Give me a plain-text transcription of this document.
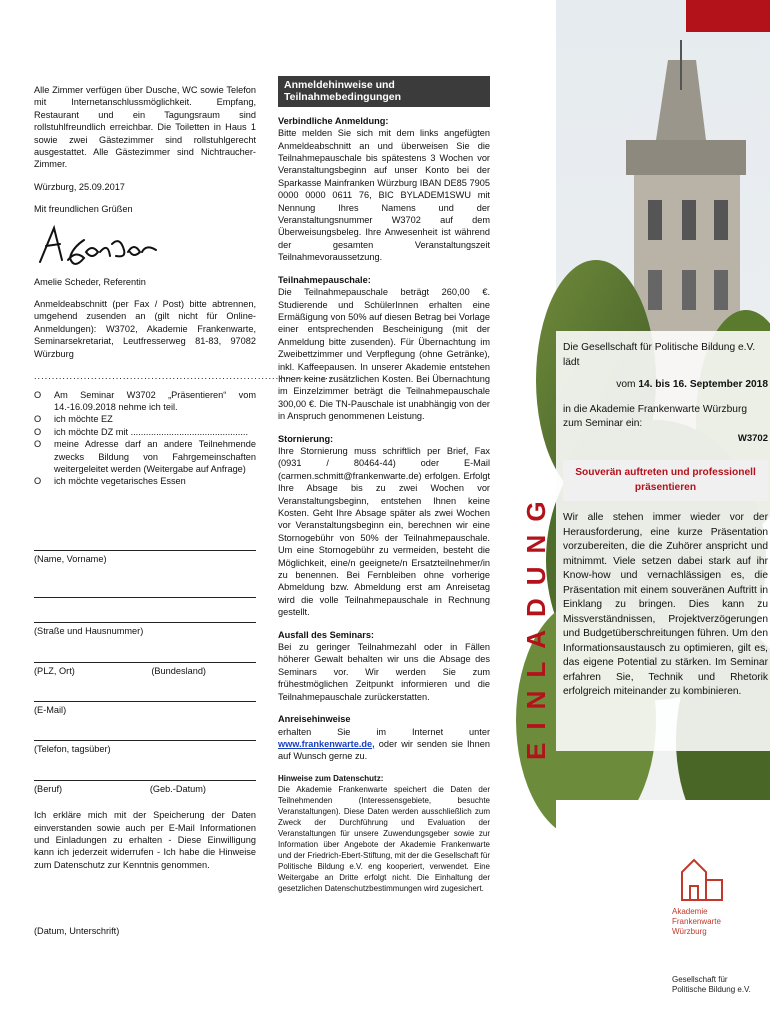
Alle Zimmer verfügen über Dusche, WC sowie Telefon mit Internetanschlussmöglichkeit. Empfang, Restaurant und ein Tagungsraum sind rollstuhlfreundlich erreichbar. Die Toiletten in Haus 1 sowie zwei Gästezimmer sind rollstuhlgerecht ausgestattet. Alle Gästezimmer sind Nichtraucher-Zimmer.

Würzburg, 25.09.2017

Mit freundlichen Grüßen

Amelie Scheder, Referentin

Anmeldeabschnitt (per Fax / Post) bitte abtrennen, umgehend zusenden an (gilt nicht für Online-Anmeldungen): W3702, Akademie Frankenwarte, Seminarsekretariat, Leutfresserweg 81-83, 97082 Würzburg

.....................................................................................
O	Am Seminar W3702 „Präsentieren“ vom 14.-16.09.2018 nehme ich teil.
O	ich möchte EZ
O	ich möchte DZ mit ..............................................
O	meine Adresse darf an andere Teilnehmende zwecks Bildung von Fahrgemeinschaften weitergeleitet werden (Weitergabe auf Anfrage)
O	ich möchte vegetarisches Essen
(Name, Vorname)
(Straße und Hausnummer)
(PLZ, Ort)	(Bundesland)
(E-Mail)
(Telefon, tagsüber)
(Beruf)	(Geb.-Datum)

Ich erkläre mich mit der Speicherung der Daten einverstanden sowie auch per E-Mail Informationen und Einladungen zu erhalten - Diese Einwilligung kann ich jederzeit widerrufen - Ich habe die Hinweise zum Datenschutz zur Kenntnis genommen.

(Datum, Unterschrift)

Anmeldehinweise und Teilnahmebedingungen

Verbindliche Anmeldung:

Bitte melden Sie sich mit dem links angefügten Anmeldeabschnitt an und überweisen Sie die Teilnahmepauschale bis spätestens 3 Wochen vor Veranstaltungsbeginn auf unser Konto bei der Sparkasse Mainfranken Würzburg IBAN DE85 7905 0000 0000 0611 76, BIC BYLADEM1SWU mit Nennung Ihres Namens und der Veranstaltungsnummer W3702 auf dem Überweisungsbeleg. Ihre Anwesenheit ist während der gesamten Veranstaltungszeit Teilnahmevoraussetzung.

Teilnahmepauschale:

Die Teilnahmepauschale beträgt 260,00 €. Studierende und SchülerInnen erhalten eine Ermäßigung von 50% auf diesen Betrag bei Vorlage einer entsprechenden Bescheinigung (mit der Anmeldung bitte zusenden). Für Übernachtung im Zweibettzimmer und Verpflegung (ohne Getränke), inkl. Kaffeepausen. In unserer Akademie entstehen Ihnen keine zusätzlichen Kosten. Bei Übernachtung im Einzelzimmer beträgt die Teilnahmepauschale 300,00 €. Die TN-Pauschale ist unabhängig von der in Anspruch genommenen Leistung.

Stornierung:

Ihre Stornierung muss schriftlich per Brief, Fax (0931 / 80464-44) oder E-Mail (carmen.schmitt@frankenwarte.de) erfolgen. Erfolgt Ihre Absage bis zu zwei Wochen vor Veranstaltungsbeginn, entstehen Ihnen keine Kosten. Geht Ihre Absage später als zwei Wochen vor Veranstaltungsbeginn ein, berechnen wir eine Stornogebühr von 50% der Teilnahmepauschale. Um eine Stornogebühr zu vermeiden, besteht die Möglichkeit, eine/n geeignete/n Ersatzteilnehmer/in zu benennen. Bei Fernbleiben ohne vorherige Abmeldung bzw. Abmeldung erst am Anreisetag wird die volle Teilnahmepauschale in Rechnung gestellt.

Ausfall des Seminars:

Bei zu geringer Teilnahmezahl oder in Fällen höherer Gewalt behalten wir uns die Absage des Seminars vor. Wir werden Sie zum frühestmöglichen Zeitpunkt informieren und die Teilnahmepauschale zurückerstatten.

Anreisehinweise

erhalten Sie im Internet unter www.frankenwarte.de, oder wir senden sie Ihnen auf Wunsch gerne zu.

Hinweise zum Datenschutz:

Die Akademie Frankenwarte speichert die Daten der Teilnehmenden (Interessensgebiete, besuchte Veranstaltungen). Diese Daten werden ausschließlich zum Zweck der Durchführung und Evaluation der Veranstaltungen für unsere Zuwendungsgeber sowie zur Information über Angebote der Akademie Frankenwarte und der Friedrich-Ebert-Stiftung, mit der die Gesellschaft für Politische Bildung e.V. eng kooperiert, verwendet. Eine Weitergabe an Dritte erfolgt nicht. Die Einhaltung der gesetzlichen Datenschutzbestimmungen wird zugesichert.

EINLADUNG

Die Gesellschaft für Politische Bildung e.V. lädt

vom 14. bis 16. September 2018

in die Akademie Frankenwarte Würzburg zum Seminar ein:

W3702

Souverän auftreten und professionell präsentieren

Wir alle stehen immer wieder vor der Herausforderung, eine kurze Präsentation vorzubereiten, die die Zuhörer anspricht und mitnimmt. Viele setzen dabei stark auf ihr Know-how und vernachlässigen es, die Präsentation mit einem souveränen Auftritt in Einklang zu bringen. Dies kann zu Missverständnissen, Projektverzögerungen und Budgetüberschreitungen führen. Um den Informationsaustausch zu optimieren, gilt es, das eigene Potential zu stärken. Im Seminar erfahren Sie, Technik und Rhetorik erfolgreich miteinander zu kombinieren.

Akademie
Frankenwarte
Würzburg
Gesellschaft für
Politische Bildung e.V.
